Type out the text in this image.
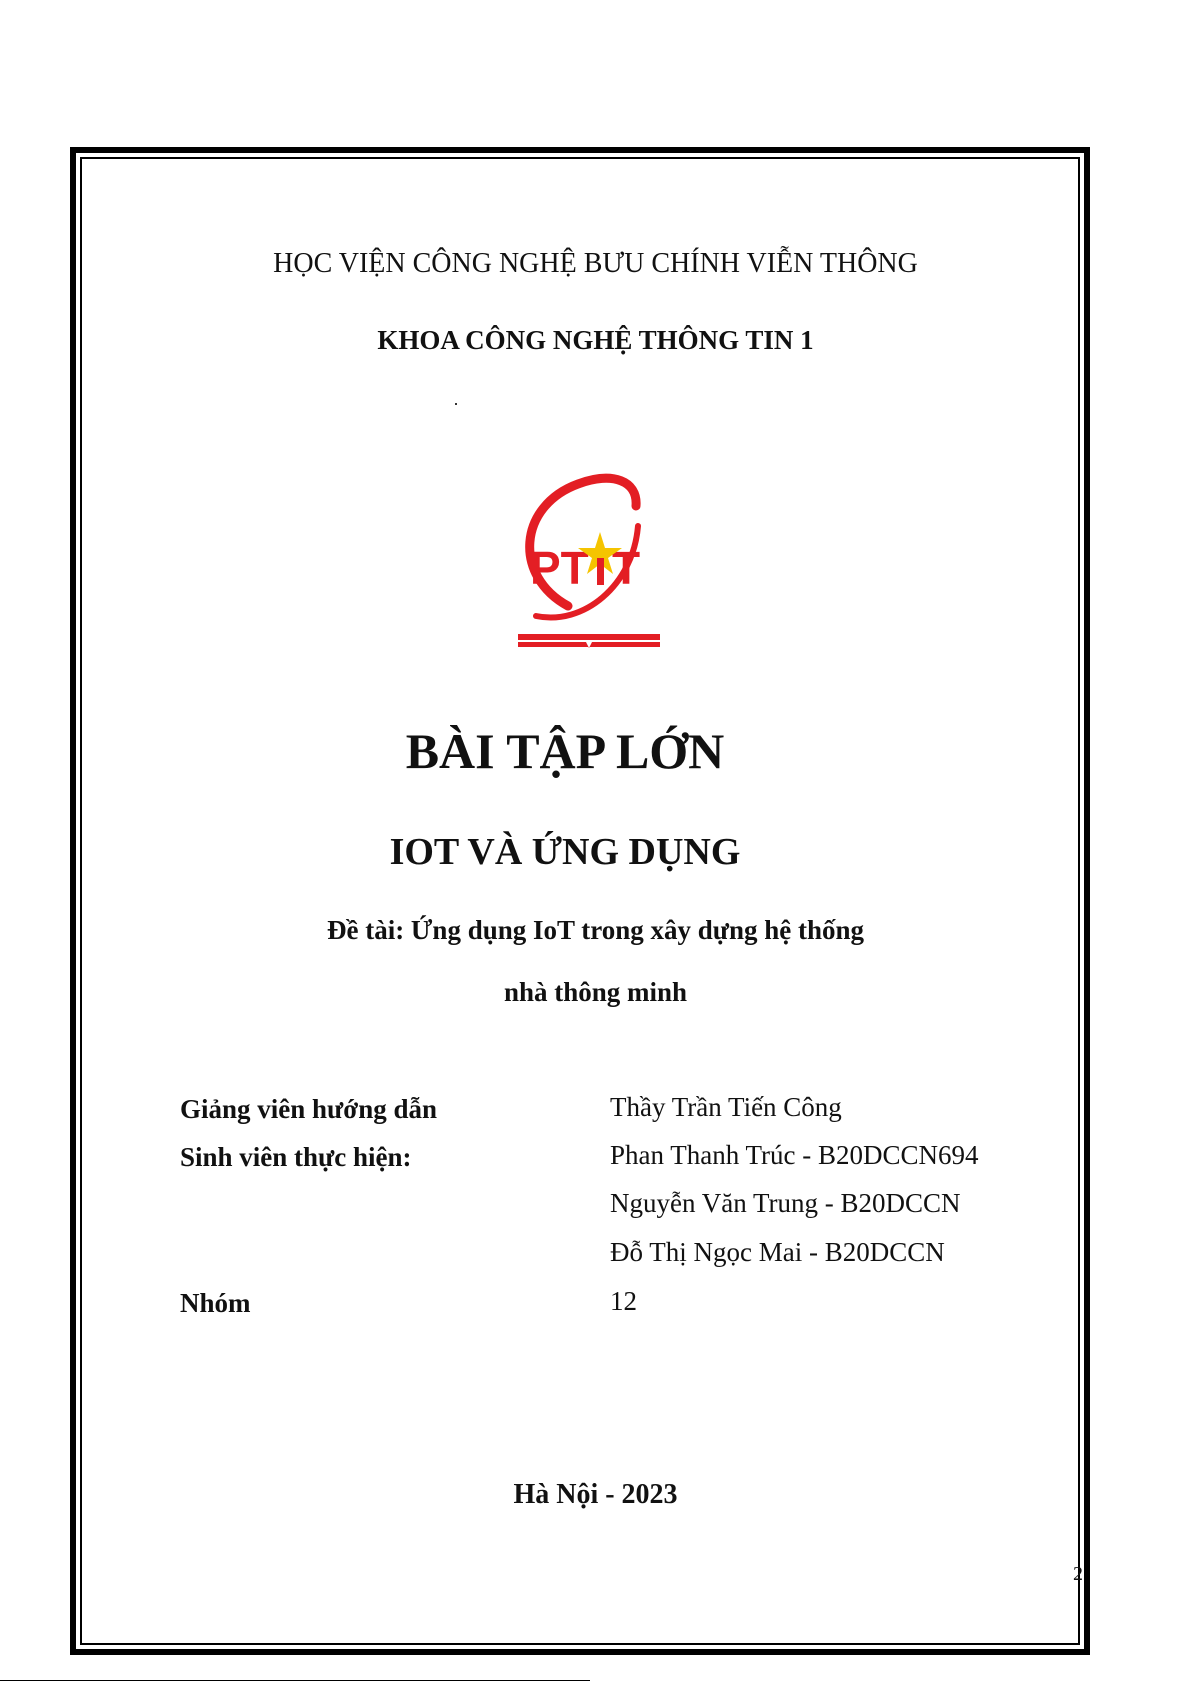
HỌC VIỆN CÔNG NGHỆ BƯU CHÍNH VIỄN THÔNG
KHOA CÔNG NGHỆ THÔNG TIN 1
PT T
BÀI TẬP LỚN
IOT VÀ ỨNG DỤNG
Đề tài: Ứng dụng IoT trong xây dựng hệ thống
nhà thông minh
Giảng viên hướng dẫn	Thầy Trần Tiến Công
Sinh viên thực hiện:	Phan Thanh Trúc - B20DCCN694
Nguyễn Văn Trung - B20DCCN
Đỗ Thị Ngọc Mai - B20DCCN
Nhóm	12
Hà Nội - 2023
2
